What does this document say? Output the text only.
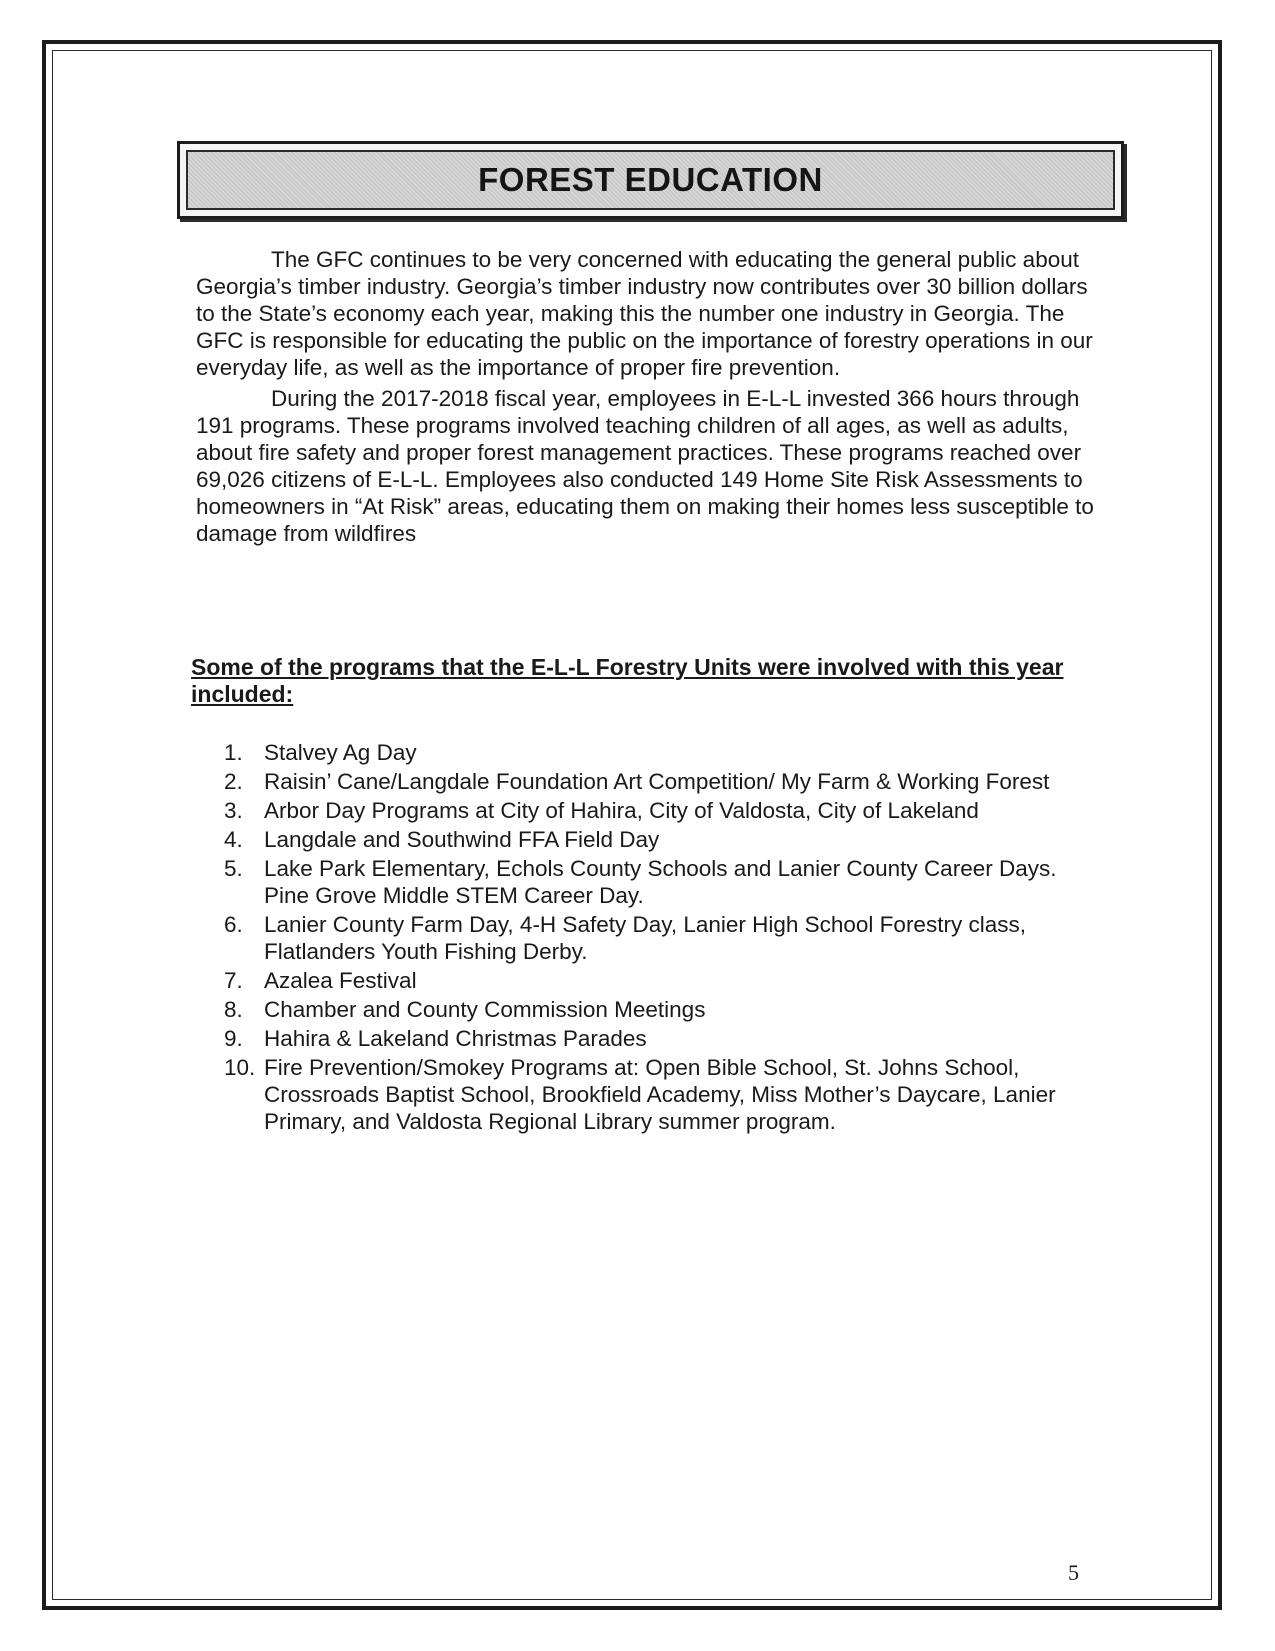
FOREST EDUCATION

The GFC continues to be very concerned with educating the general public about Georgia’s timber industry. Georgia’s timber industry now contributes over 30 billion dollars to the State’s economy each year, making this the number one industry in Georgia. The GFC is responsible for educating the public on the importance of forestry operations in our everyday life, as well as the importance of proper fire prevention.

During the 2017-2018 fiscal year, employees in E-L-L invested 366 hours through 191 programs. These programs involved teaching children of all ages, as well as adults, about fire safety and proper forest management practices. These programs reached over 69,026 citizens of E-L-L. Employees also conducted 149 Home Site Risk Assessments to homeowners in “At Risk” areas, educating them on making their homes less susceptible to damage from wildfires

Some of the programs that the E-L-L Forestry Units were involved with this year included:
1. Stalvey Ag Day
2. Raisin’ Cane/Langdale Foundation Art Competition/ My Farm & Working Forest
3. Arbor Day Programs at City of Hahira, City of Valdosta, City of Lakeland
4. Langdale and Southwind FFA Field Day
5. Lake Park Elementary, Echols County Schools and Lanier County Career Days. Pine Grove Middle STEM Career Day.
6. Lanier County Farm Day, 4-H Safety Day, Lanier High School Forestry class, Flatlanders Youth Fishing Derby.
7. Azalea Festival
8. Chamber and County Commission Meetings
9. Hahira & Lakeland Christmas Parades
10. Fire Prevention/Smokey Programs at: Open Bible School, St. Johns School, Crossroads Baptist School, Brookfield Academy, Miss Mother’s Daycare, Lanier Primary, and Valdosta Regional Library summer program.
5
